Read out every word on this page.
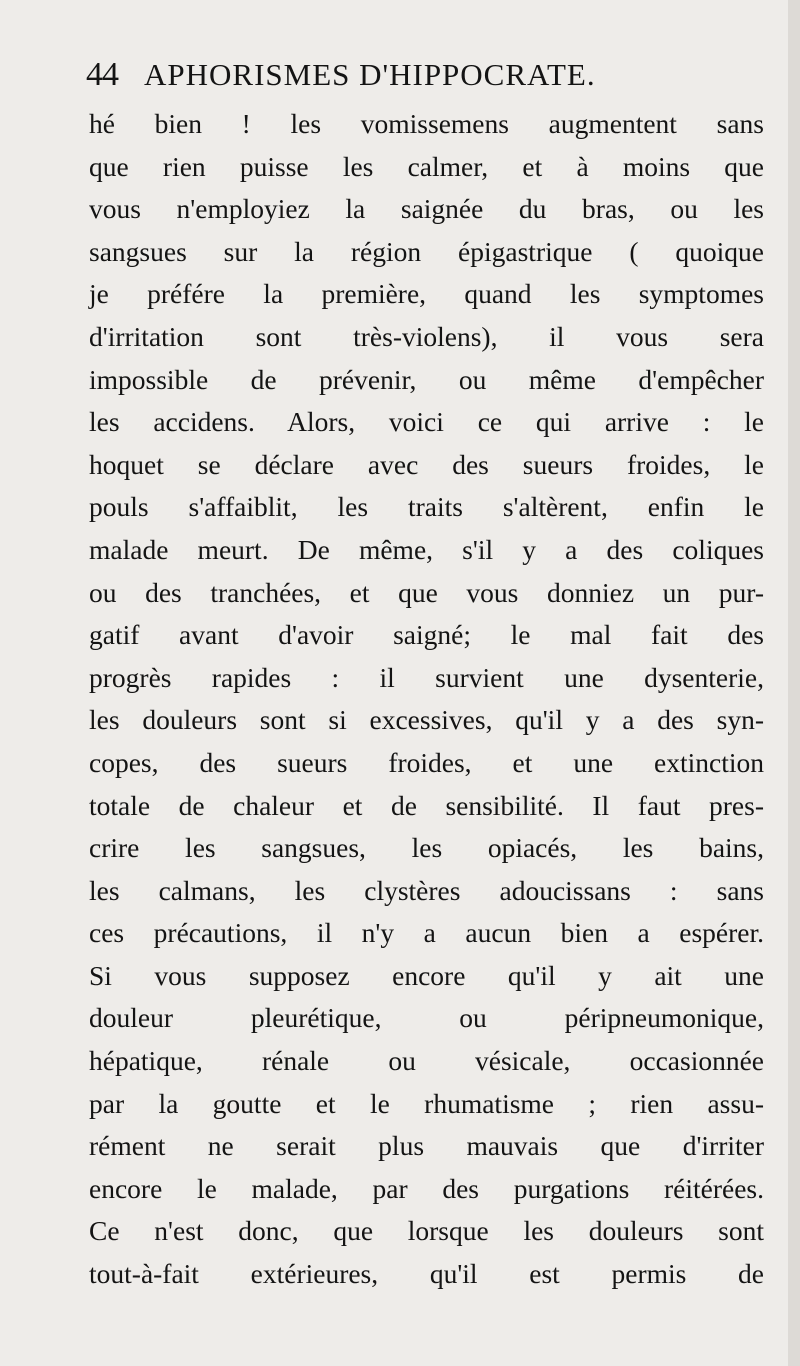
44 APHORISMES D'HIPPOCRATE.
hé bien ! les vomissemens augmentent sans
que rien puisse les calmer, et à moins que
vous n'employiez la saignée du bras, ou les
sangsues sur la région épigastrique ( quoique
je préfére la première, quand les symptomes
d'irritation sont très-violens), il vous sera
impossible de prévenir, ou même d'empêcher
les accidens. Alors, voici ce qui arrive : le
hoquet se déclare avec des sueurs froides, le
pouls s'affaiblit, les traits s'altèrent, enfin le
malade meurt. De même, s'il y a des coliques
ou des tranchées, et que vous donniez un pur-
gatif avant d'avoir saigné; le mal fait des
progrès rapides : il survient une dysenterie,
les douleurs sont si excessives, qu'il y a des syn-
copes, des sueurs froides, et une extinction
totale de chaleur et de sensibilité. Il faut pres-
crire les sangsues, les opiacés, les bains,
les calmans, les clystères adoucissans : sans
ces précautions, il n'y a aucun bien a espérer.
Si vous supposez encore qu'il y ait une
douleur pleurétique, ou péripneumonique,
hépatique, rénale ou vésicale, occasionnée
par la goutte et le rhumatisme ; rien assu-
rément ne serait plus mauvais que d'irriter
encore le malade, par des purgations réitérées.
Ce n'est donc, que lorsque les douleurs sont
tout-à-fait extérieures, qu'il est permis de
